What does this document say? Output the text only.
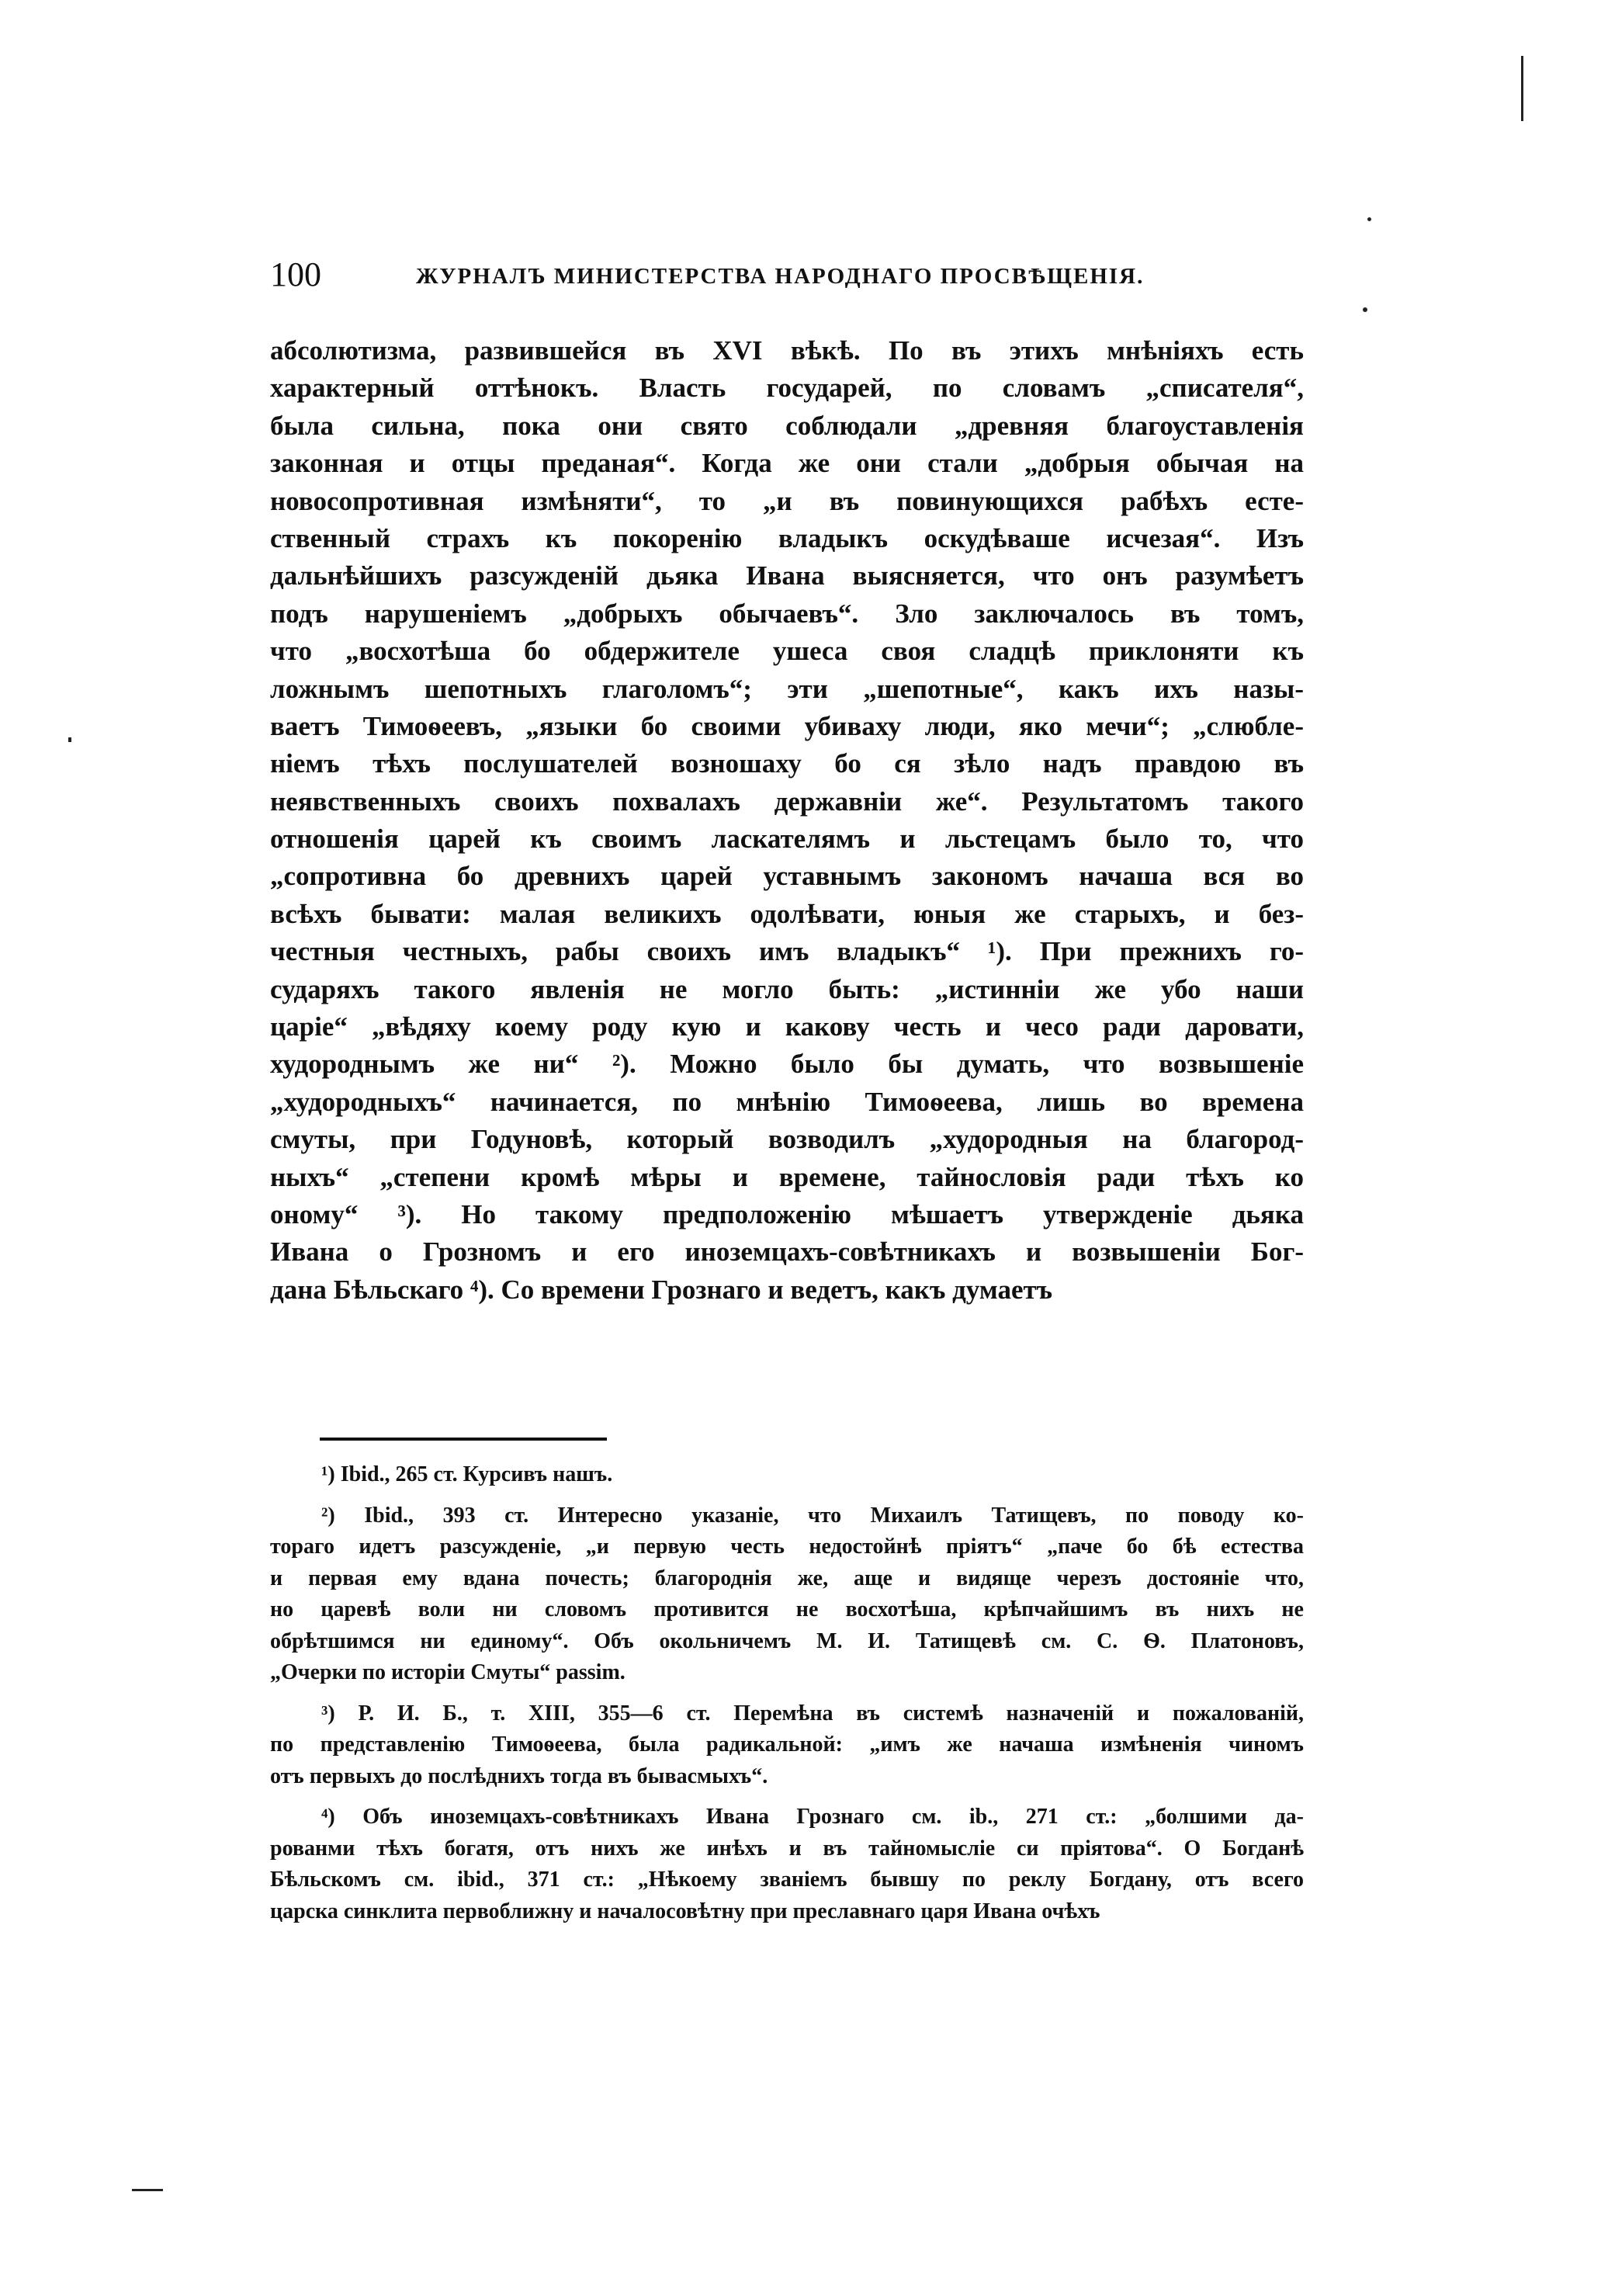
100	ЖУРНАЛЪ МИНИСТЕРСТВА НАРОДНАГО ПРОСВѢЩЕНІЯ.
абсолютизма, развившейся въ XVI вѣкѣ. По въ этихъ мнѣніяхъ есть
характерный оттѣнокъ. Власть государей, по словамъ „списателя“,
была сильна, пока они свято соблюдали „древняя благоуставленія
законная и отцы преданая“. Когда же они стали „добрыя обычая на
новосопротивная измѣняти“, то „и въ повинующихся рабѣхъ есте-
ственный страхъ къ покоренію владыкъ оскудѣваше исчезая“. Изъ
дальнѣйшихъ разсужденій дьяка Ивана выясняется, что онъ разумѣетъ
подъ нарушеніемъ „добрыхъ обычаевъ“. Зло заключалось въ томъ,
что „восхотѣша бо обдержителе ушеса своя сладцѣ приклоняти къ
ложнымъ шепотныхъ глаголомъ“; эти „шепотные“, какъ ихъ назы-
ваетъ Тимоѳеевъ, „языки бо своими убиваху люди, яко мечи“; „слюбле-
ніемъ тѣхъ послушателей возношаху бо ся зѣло надъ правдою въ
неявственныхъ своихъ похвалахъ державніи же“. Результатомъ такого
отношенія царей къ своимъ ласкателямъ и льстецамъ было то, что
„сопротивна бо древнихъ царей уставнымъ закономъ начаша вся во
всѣхъ бывати: малая великихъ одолѣвати, юныя же старыхъ, и без-
честныя честныхъ, рабы своихъ имъ владыкъ“ ¹). При прежнихъ го-
сударяхъ такого явленія не могло быть: „истинніи же убо наши
царіе“ „вѣдяху коему роду кую и какову честь и чесо ради даровати,
худороднымъ же ни“ ²). Можно было бы думать, что возвышеніе
„худородныхъ“ начинается, по мнѣнію Тимоѳеева, лишь во времена
смуты, при Годуновѣ, который возводилъ „худородныя на благород-
ныхъ“ „степени кромѣ мѣры и времене, тайнословія ради тѣхъ ко
оному“ ³). Но такому предположенію мѣшаетъ утвержденіе дьяка
Ивана о Грозномъ и его иноземцахъ-совѣтникахъ и возвышеніи Бог-
дана Бѣльскаго ⁴). Со времени Грознаго и ведетъ, какъ думаетъ
¹) Ibid., 265 ст. Курсивъ нашъ.
²) Ibid., 393 ст. Интересно указаніе, что Михаилъ Татищевъ, по поводу ко-
тораго идетъ разсужденіе, „и первую честь недостойнѣ пріятъ“ „паче бо бѣ естества
и первая ему вдана почесть; благороднія же, аще и видяще черезъ достояніе что,
но царевѣ воли ни словомъ противится не восхотѣша, крѣпчайшимъ въ нихъ не
обрѣтшимся ни единому“. Объ окольничемъ М. И. Татищевѣ см. С. Ѳ. Платоновъ,
„Очерки по исторіи Смуты“ passim.
³) Р. И. Б., т. XIII, 355—6 ст. Перемѣна въ системѣ назначеній и пожалованій,
по представленію Тимоѳеева, была радикальной: „имъ же начаша измѣненія чиномъ
отъ первыхъ до послѣднихъ тогда въ бывасмыхъ“.
⁴) Объ иноземцахъ-совѣтникахъ Ивана Грознаго см. ib., 271 ст.: „болшими да-
рованми тѣхъ богатя, отъ нихъ же инѣхъ и въ тайномысліе си пріятова“. О Богданѣ
Бѣльскомъ см. ibid., 371 ст.: „Нѣкоему званіемъ бывшу по реклу Богдану, отъ всего
царска синклита первоближну и началосовѣтну при преславнаго царя Ивана очѣхъ
